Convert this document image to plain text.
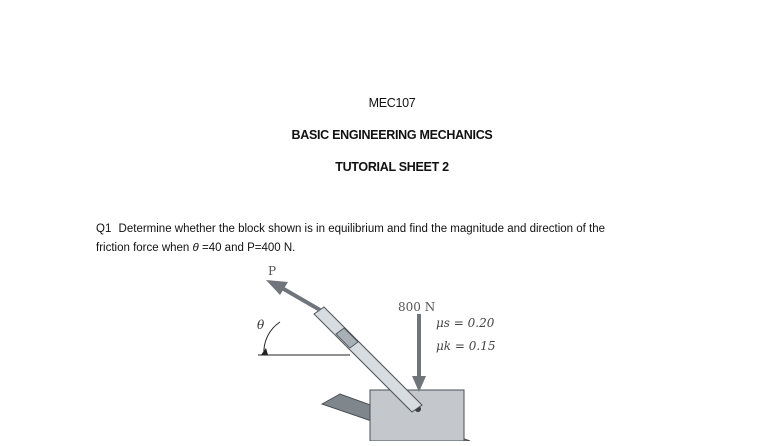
MEC107
BASIC ENGINEERING MECHANICS
TUTORIAL SHEET 2

Q1 Determine whether the block shown is in equilibrium and find the magnitude and direction of the

friction force when θ =40 and P=400 N.

P
θ
800 N
μs = 0.20
μk = 0.15
